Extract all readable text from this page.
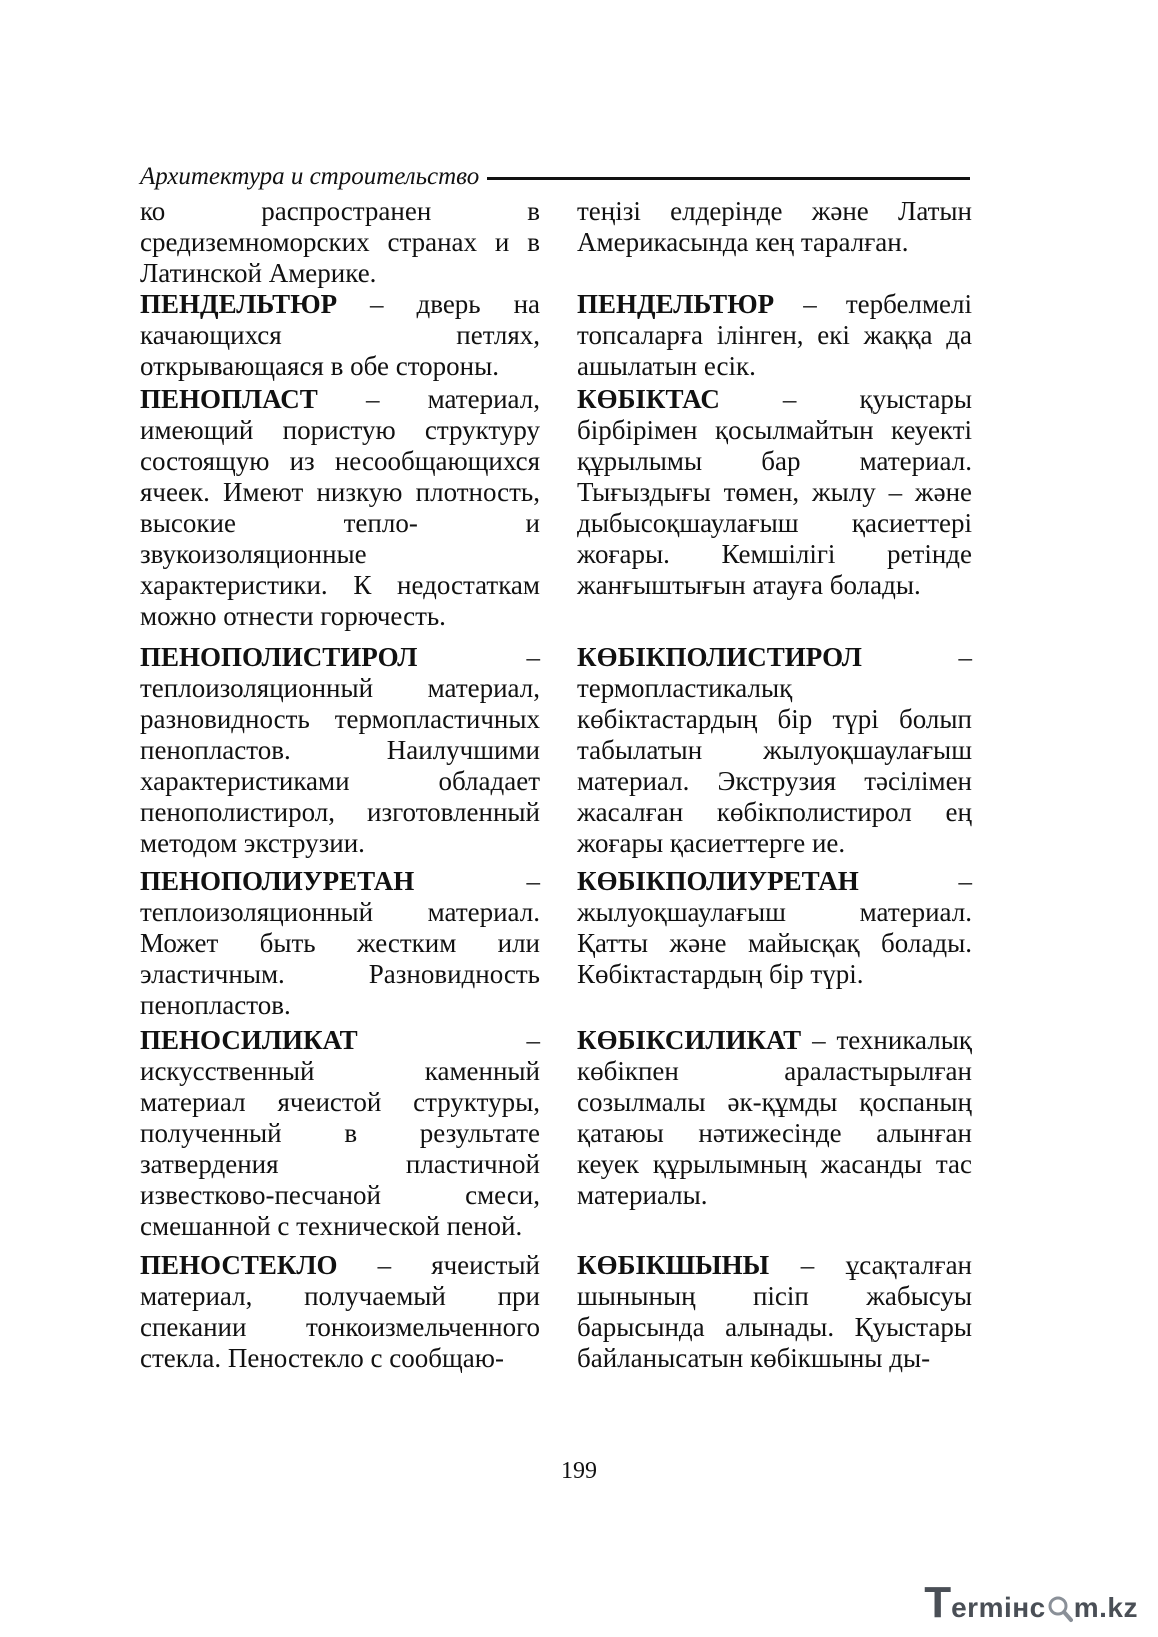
Архитектура и строительство

ко распространен в средиземноморских странах и в Латинской Америке.

ПЕНДЕЛЬТЮР – дверь на качающихся петлях, открывающаяся в обе стороны.

ПЕНОПЛАСТ – материал, имеющий пористую структуру состоящую из несообщающихся ячеек. Имеют низкую плотность, высокие тепло- и звукоизоляционные характеристики. К недостаткам можно отнести горючесть.

ПЕНОПОЛИСТИРОЛ – теплоизоляционный материал, разновидность термопластичных пенопластов. Наилучшими характеристиками обладает пенополистирол, изготовленный методом экструзии.

ПЕНОПОЛИУРЕТАН – теплоизоляционный материал. Может быть жестким или эластичным. Разновидность пенопластов.

ПЕНОСИЛИКАТ – искусственный каменный материал ячеистой структуры, полученный в результате затвердения пластичной известково-песчаной смеси, смешанной с технической пеной.

ПЕНОСТЕКЛО – ячеистый материал, получаемый при спекании тонкоизмельченного стекла. Пеностекло с сообщаю-

теңізі елдерінде және Латын Америкасында кең таралған.

ПЕНДЕЛЬТЮР – тербелмелі топсаларға ілінген, екі жаққа да ашылатын есік.

КӨБІКТАС – қуыстары бірбірімен қосылмайтын кеуекті құрылымы бар материал. Тығыздығы төмен, жылу – және дыбысоқшаулағыш қасиеттері жоғары. Кемшілігі ретінде жанғыштығын атауға болады.

КӨБІКПОЛИСТИРОЛ – термопластикалық көбіктастардың бір түрі болып табылатын жылуоқшаулағыш материал. Экструзия тәсілімен жасалған көбікполистирол ең жоғары қасиеттерге ие.

КӨБІКПОЛИУРЕТАН – жылуоқшаулағыш материал. Қатты және майысқақ болады. Көбіктастардың бір түрі.

КӨБІКСИЛИКАТ – техникалық көбікпен араластырылған созылмалы әк-құмды қоспаның қатаюы нәтижесінде алынған кеуек құрылымның жасанды тас материалы.

КӨБІКШЫНЫ – ұсақталған шынының пісіп жабысуы барысында алынады. Қуыстары байланысатын көбікшыны ды-

199
T ermінc m.kz
